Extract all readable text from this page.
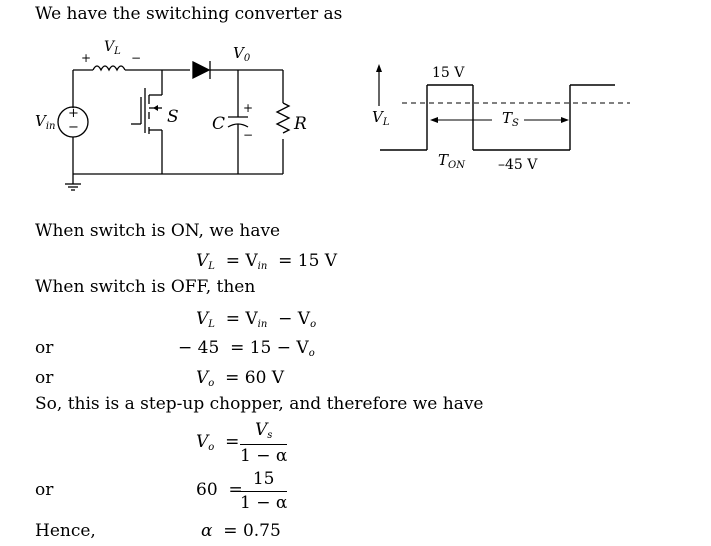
We have the switching converter as
+
$V_L$ −	$V_0$
$V_{in}$
+
−
S C
+
−
R
15 V
–45 V
$V_L$	$T_S$
$T_{ON}$
When switch is ON, we have
$V_L = V_{in} = 15$ V
When switch is OFF, then
$V_L = V_{in} - V_o$
or	− $45 = 15 - V_o$
or	$V_o = 60$ V
So, this is a step-up chopper, and therefore we have
$V_o = \frac{V_s}{1 - \alpha}$
or	60 =
$\frac{15}{1 - \alpha}$
Hence,	α = 0.75
